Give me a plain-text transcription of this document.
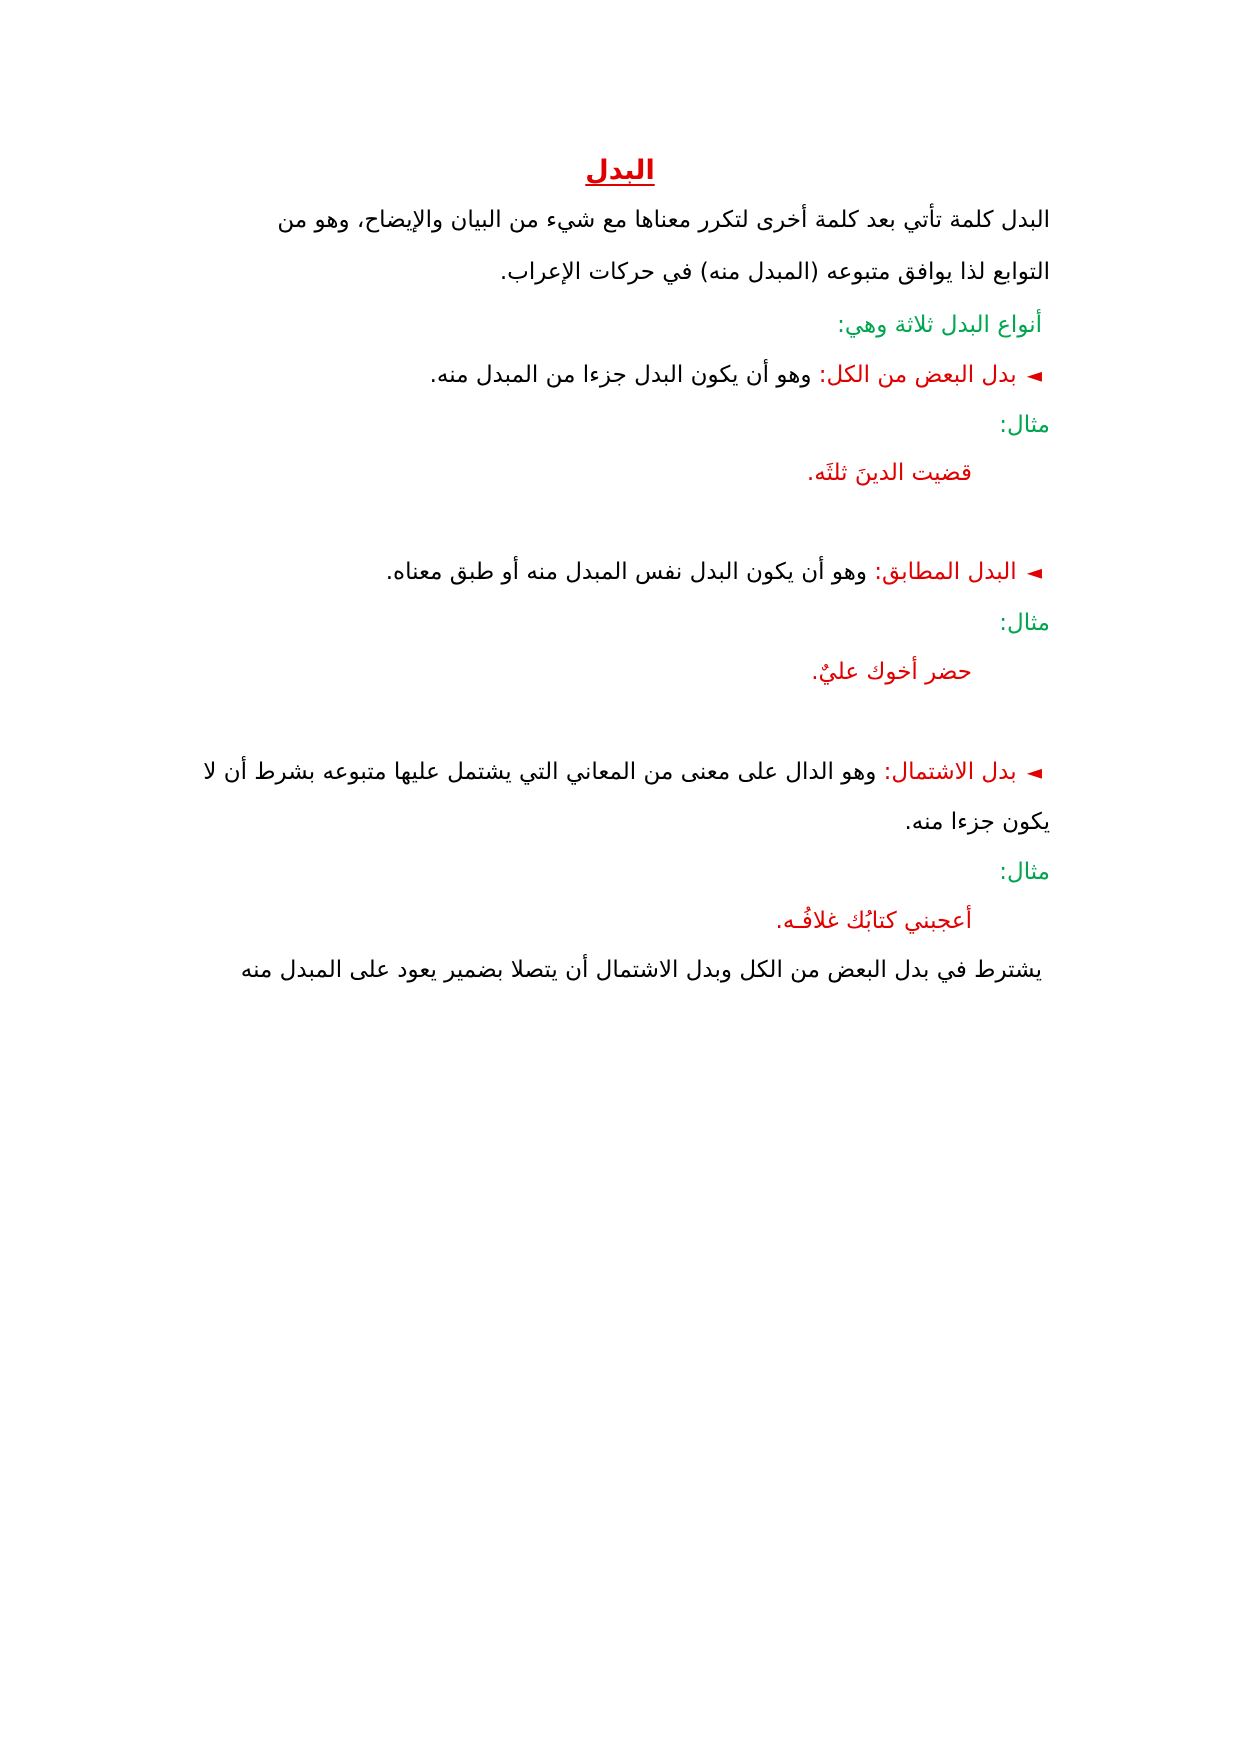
البدل
البدل كلمة تأتي بعد كلمة أخرى لتكرر معناها مع شيء من البيان والإيضاح، وهو من
التوابع لذا يوافق متبوعه (المبدل منه) في حركات الإعراب.
أنواع البدل ثلاثة وهي:
◄بدل البعض من الكل: وهو أن يكون البدل جزءا من المبدل منه.
مثال:
قضيت الدينَ ثلثَه.
◄البدل المطابق: وهو أن يكون البدل نفس المبدل منه أو طبق معناه.
مثال:
حضر أخوك عليٌ.
◄بدل الاشتمال: وهو الدال على معنى من المعاني التي يشتمل عليها متبوعه بشرط أن لا
يكون جزءا منه.
مثال:
أعجبني كتابُك غلافُـه.
يشترط في بدل البعض من الكل وبدل الاشتمال أن يتصلا بضمير يعود على المبدل منه
